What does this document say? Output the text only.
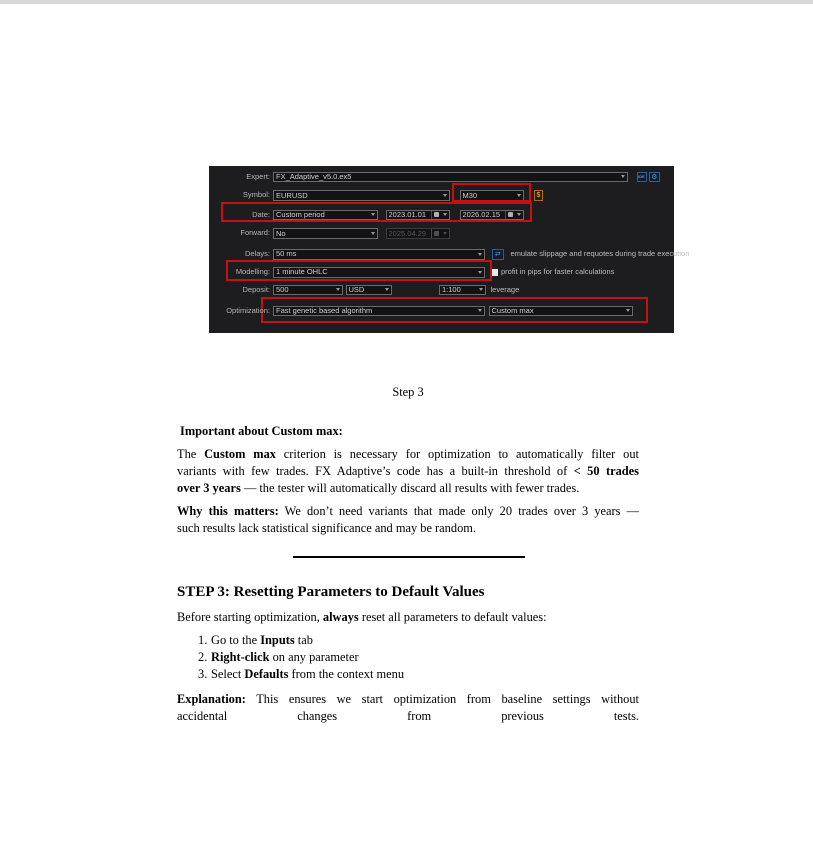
Expert: FX_Adaptive_v5.0.ex5	IDE ⚙
Symbol: EURUSD	M30	$
Date: Custom period	2023.01.01	2026.02.15
Forward: No	2025.04.29
Delays: 50 ms	⇄ emulate slippage and requotes during trade execution
Modelling: 1 minute OHLC	profit in pips for faster calculations
Deposit: 500	USD	1:100	leverage
Optimization: Fast genetic based algorithm	Custom max
Step 3
Important about Custom max:
The Custom max criterion is necessary for optimization to automatically filter out
variants with few trades. FX Adaptive’s code has a built-in threshold of < 50 trades
over 3 years — the tester will automatically discard all results with fewer trades.
Why this matters: We don’t need variants that made only 20 trades over 3 years —
such results lack statistical significance and may be random.
STEP 3: Resetting Parameters to Default Values
Before starting optimization, always reset all parameters to default values:
1. Go to the Inputs tab
2. Right-click on any parameter
3. Select Defaults from the context menu
Explanation: This ensures we start optimization from baseline settings without
accidental changes from previous tests.
